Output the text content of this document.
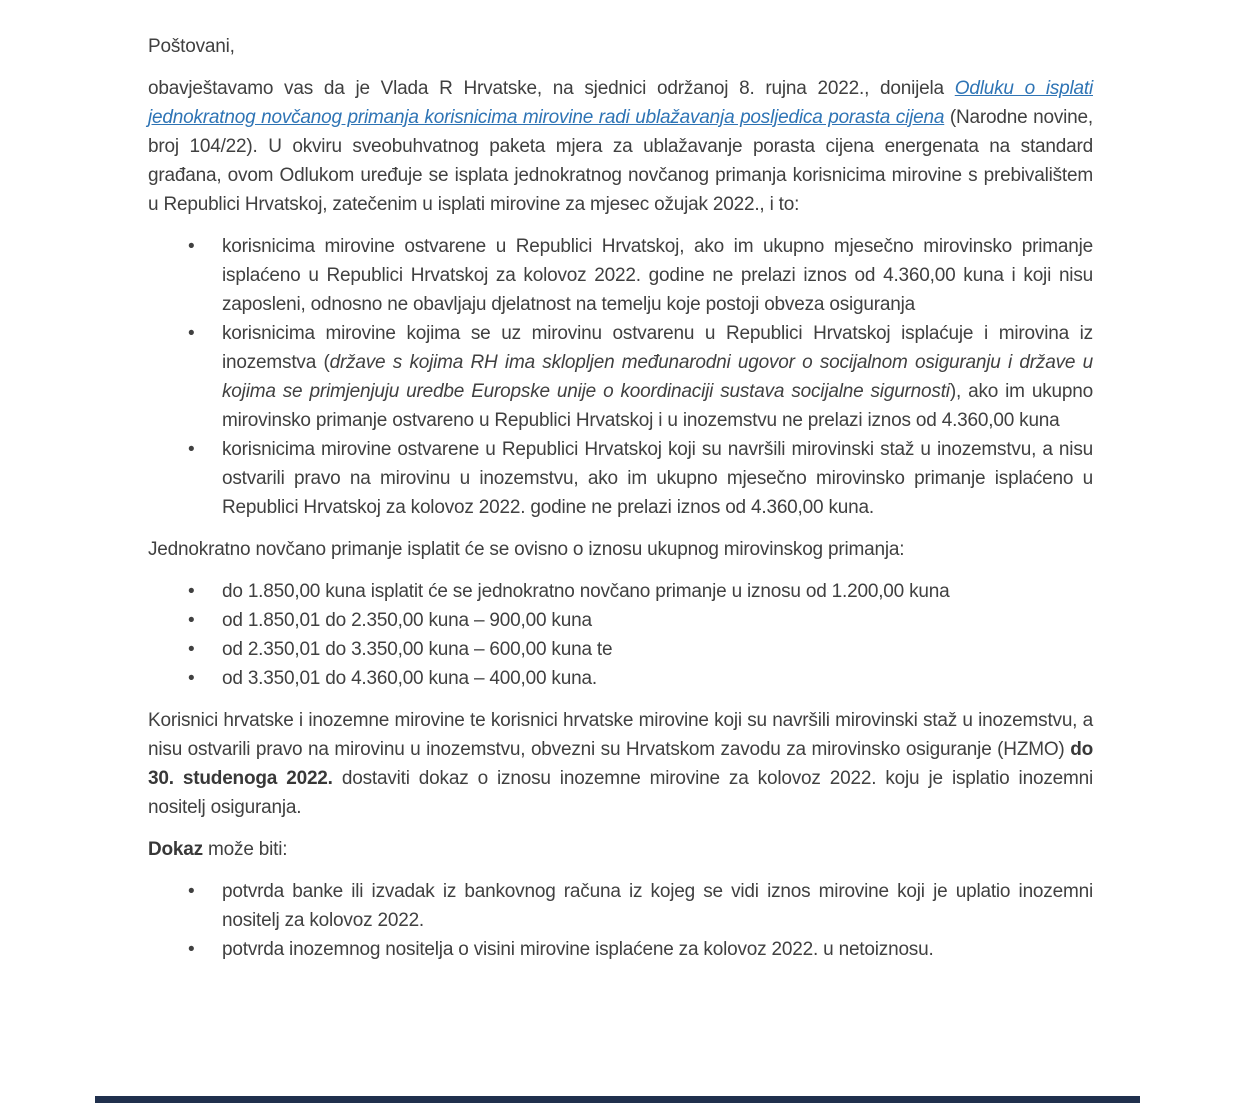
Poštovani,

obavještavamo vas da je Vlada R Hrvatske, na sjednici održanoj 8. rujna 2022., donijela Odluku o isplati jednokratnog novčanog primanja korisnicima mirovine radi ublažavanja posljedica porasta cijena (Narodne novine, broj 104/22). U okviru sveobuhvatnog paketa mjera za ublažavanje porasta cijena energenata na standard građana, ovom Odlukom uređuje se isplata jednokratnog novčanog primanja korisnicima mirovine s prebivalištem u Republici Hrvatskoj, zatečenim u isplati mirovine za mjesec ožujak 2022., i to:

• korisnicima mirovine ostvarene u Republici Hrvatskoj, ako im ukupno mjesečno mirovinsko primanje isplaćeno u Republici Hrvatskoj za kolovoz 2022. godine ne prelazi iznos od 4.360,00 kuna i koji nisu zaposleni, odnosno ne obavljaju djelatnost na temelju koje postoji obveza osiguranja
• korisnicima mirovine kojima se uz mirovinu ostvarenu u Republici Hrvatskoj isplaćuje i mirovina iz inozemstva (države s kojima RH ima sklopljen međunarodni ugovor o socijalnom osiguranju i države u kojima se primjenjuju uredbe Europske unije o koordinaciji sustava socijalne sigurnosti), ako im ukupno mirovinsko primanje ostvareno u Republici Hrvatskoj i u inozemstvu ne prelazi iznos od 4.360,00 kuna
• korisnicima mirovine ostvarene u Republici Hrvatskoj koji su navršili mirovinski staž u inozemstvu, a nisu ostvarili pravo na mirovinu u inozemstvu, ako im ukupno mjesečno mirovinsko primanje isplaćeno u Republici Hrvatskoj za kolovoz 2022. godine ne prelazi iznos od 4.360,00 kuna.

Jednokratno novčano primanje isplatit će se ovisno o iznosu ukupnog mirovinskog primanja:

• do 1.850,00 kuna isplatit će se jednokratno novčano primanje u iznosu od 1.200,00 kuna
• od 1.850,01 do 2.350,00 kuna – 900,00 kuna
• od 2.350,01 do 3.350,00 kuna – 600,00 kuna te
• od 3.350,01 do 4.360,00 kuna – 400,00 kuna.

Korisnici hrvatske i inozemne mirovine te korisnici hrvatske mirovine koji su navršili mirovinski staž u inozemstvu, a nisu ostvarili pravo na mirovinu u inozemstvu, obvezni su Hrvatskom zavodu za mirovinsko osiguranje (HZMO) do 30. studenoga 2022. dostaviti dokaz o iznosu inozemne mirovine za kolovoz 2022. koju je isplatio inozemni nositelj osiguranja.

Dokaz može biti:

• potvrda banke ili izvadak iz bankovnog računa iz kojeg se vidi iznos mirovine koji je uplatio inozemni nositelj za kolovoz 2022.
• potvrda inozemnog nositelja o visini mirovine isplaćene za kolovoz 2022. u netoiznosu.
